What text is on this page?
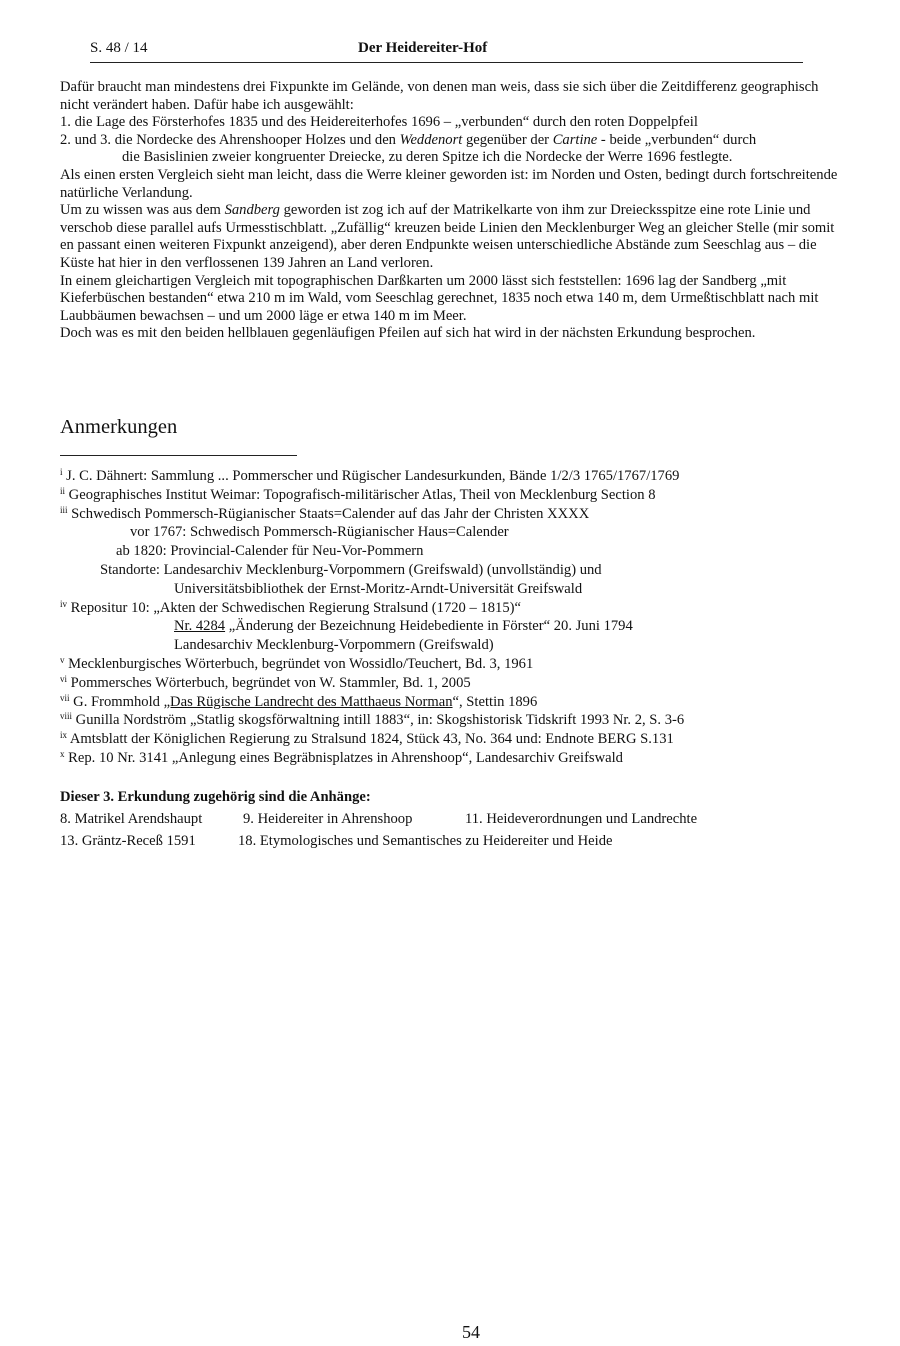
S. 48 / 14	Der Heidereiter-Hof

Dafür braucht man mindestens drei Fixpunkte im Gelände, von denen man weis, dass sie sich über die Zeitdifferenz geographisch nicht verändert haben. Dafür habe ich ausgewählt:

1. die Lage des Försterhofes 1835 und des Heidereiterhofes 1696 – „verbunden“ durch den roten Doppelpfeil

2. und 3. die Nordecke des Ahrenshooper Holzes und den Weddenort gegenüber der Cartine - beide „verbunden“ durch

die Basislinien zweier kongruenter Dreiecke, zu deren Spitze ich die Nordecke der Werre 1696 festlegte.

Als einen ersten Vergleich sieht man leicht, dass die Werre kleiner geworden ist: im Norden und Osten, bedingt durch fortschreitende natürliche Verlandung.

Um zu wissen was aus dem Sandberg geworden ist zog ich auf der Matrikelkarte von ihm zur Dreiecksspitze eine rote Linie und verschob diese parallel aufs Urmesstischblatt. „Zufällig“ kreuzen beide Linien den Mecklenburger Weg an gleicher Stelle (mir somit en passant einen weiteren Fixpunkt anzeigend), aber deren Endpunkte weisen unterschiedliche Abstände zum Seeschlag aus – die Küste hat hier in den verflossenen 139 Jahren an Land verloren.

In einem gleichartigen Vergleich mit topographischen Darßkarten um 2000 lässt sich feststellen: 1696 lag der Sandberg „mit Kieferbüschen bestanden“ etwa 210 m im Wald, vom Seeschlag gerechnet, 1835 noch etwa 140 m, dem Urmeßtischblatt nach mit Laubbäumen bewachsen – und um 2000 läge er etwa 140 m im Meer.

Doch was es mit den beiden hellblauen gegenläufigen Pfeilen auf sich hat wird in der nächsten Erkundung besprochen.

Anmerkungen
$^i$ J. C. Dähnert: Sammlung ... Pommerscher und Rügischer Landesurkunden, Bände 1/2/3 1765/1767/1769
$^{ii}$ Geographisches Institut Weimar: Topografisch-militärischer Atlas, Theil von Mecklenburg Section 8
$^{iii}$ Schwedisch Pommersch-Rügianischer Staats=Calender auf das Jahr der Christen XXXX
vor 1767: Schwedisch Pommersch-Rügianischer Haus=Calender
ab 1820: Provincial-Calender für Neu-Vor-Pommern
Standorte: Landesarchiv Mecklenburg-Vorpommern (Greifswald) (unvollständig) und
Universitätsbibliothek der Ernst-Moritz-Arndt-Universität Greifswald
$^{iv}$ Repositur 10: „Akten der Schwedischen Regierung Stralsund (1720 – 1815)“
Nr. 4284 „Änderung der Bezeichnung Heidebediente in Förster“ 20. Juni 1794
Landesarchiv Mecklenburg-Vorpommern (Greifswald)
$^v$ Mecklenburgisches Wörterbuch, begründet von Wossidlo/Teuchert, Bd. 3, 1961
$^{vi}$ Pommersches Wörterbuch, begründet von W. Stammler, Bd. 1, 2005
$^{vii}$ G. Frommhold „Das Rügische Landrecht des Matthaeus Norman“, Stettin 1896
$^{viii}$ Gunilla Nordström „Statlig skogsförwaltning intill 1883“, in: Skogshistorisk Tidskrift 1993 Nr. 2, S. 3-6
$^{ix}$ Amtsblatt der Königlichen Regierung zu Stralsund 1824, Stück 43, No. 364 und: Endnote BERG S.131
$^x$ Rep. 10 Nr. 3141 „Anlegung eines Begräbnisplatzes in Ahrenshoop“, Landesarchiv Greifswald
Dieser 3. Erkundung zugehörig sind die Anhänge:
8. Matrikel Arendshaupt	9. Heidereiter in Ahrenshoop	11. Heideverordnungen und Landrechte
13. Gräntz-Receß 1591	18. Etymologisches und Semantisches zu Heidereiter und Heide
54
